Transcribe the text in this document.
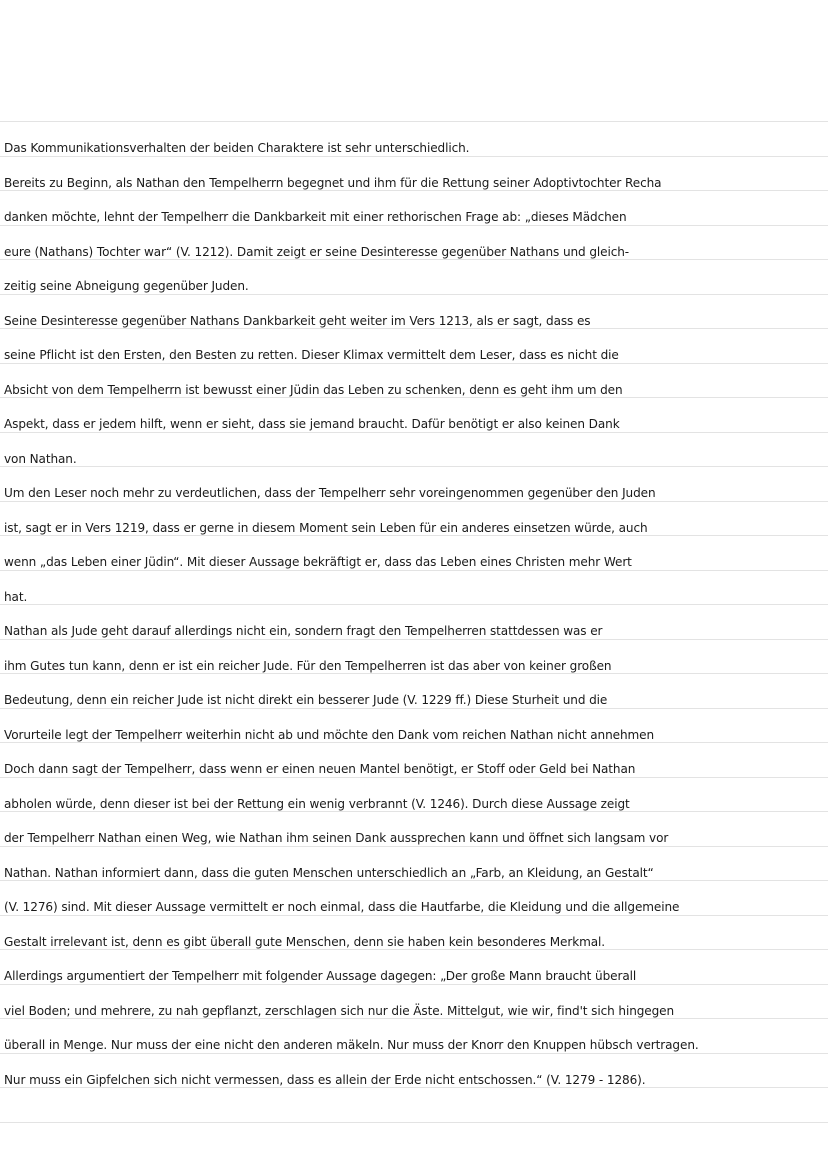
Das Kommunikationsverhalten der beiden Charaktere ist sehr unterschiedlich.
Bereits zu Beginn, als Nathan den Tempelherrn begegnet und ihm für die Rettung seiner Adoptivtochter Recha
danken möchte, lehnt der Tempelherr die Dankbarkeit mit einer rethorischen Frage ab: „dieses Mädchen
eure (Nathans) Tochter war“ (V. 1212). Damit zeigt er seine Desinteresse gegenüber Nathans und gleich-
zeitig seine Abneigung gegenüber Juden.
Seine Desinteresse gegenüber Nathans Dankbarkeit geht weiter im Vers 1213, als er sagt, dass es
seine Pflicht ist den Ersten, den Besten zu retten. Dieser Klimax vermittelt dem Leser, dass es nicht die
Absicht von dem Tempelherrn ist bewusst einer Jüdin das Leben zu schenken, denn es geht ihm um den
Aspekt, dass er jedem hilft, wenn er sieht, dass sie jemand braucht. Dafür benötigt er also keinen Dank
von Nathan.
Um den Leser noch mehr zu verdeutlichen, dass der Tempelherr sehr voreingenommen gegenüber den Juden
ist, sagt er in Vers 1219, dass er gerne in diesem Moment sein Leben für ein anderes einsetzen würde, auch
wenn „das Leben einer Jüdin“. Mit dieser Aussage bekräftigt er, dass das Leben eines Christen mehr Wert
hat.
Nathan als Jude geht darauf allerdings nicht ein, sondern fragt den Tempelherren stattdessen was er
ihm Gutes tun kann, denn er ist ein reicher Jude. Für den Tempelherren ist das aber von keiner großen
Bedeutung, denn ein reicher Jude ist nicht direkt ein besserer Jude (V. 1229 ff.) Diese Sturheit und die
Vorurteile legt der Tempelherr weiterhin nicht ab und möchte den Dank vom reichen Nathan nicht annehmen
Doch dann sagt der Tempelherr, dass wenn er einen neuen Mantel benötigt, er Stoff oder Geld bei Nathan
abholen würde, denn dieser ist bei der Rettung ein wenig verbrannt (V. 1246). Durch diese Aussage zeigt
der Tempelherr Nathan einen Weg, wie Nathan ihm seinen Dank aussprechen kann und öffnet sich langsam vor
Nathan. Nathan informiert dann, dass die guten Menschen unterschiedlich an „Farb, an Kleidung, an Gestalt“
(V. 1276) sind. Mit dieser Aussage vermittelt er noch einmal, dass die Hautfarbe, die Kleidung und die allgemeine
Gestalt irrelevant ist, denn es gibt überall gute Menschen, denn sie haben kein besonderes Merkmal.
Allerdings argumentiert der Tempelherr mit folgender Aussage dagegen: „Der große Mann braucht überall
viel Boden; und mehrere, zu nah gepflanzt, zerschlagen sich nur die Äste. Mittelgut, wie wir, find't sich hingegen
überall in Menge. Nur muss der eine nicht den anderen mäkeln. Nur muss der Knorr den Knuppen hübsch vertragen.
Nur muss ein Gipfelchen sich nicht vermessen, dass es allein der Erde nicht entschossen.“ (V. 1279 - 1286).
